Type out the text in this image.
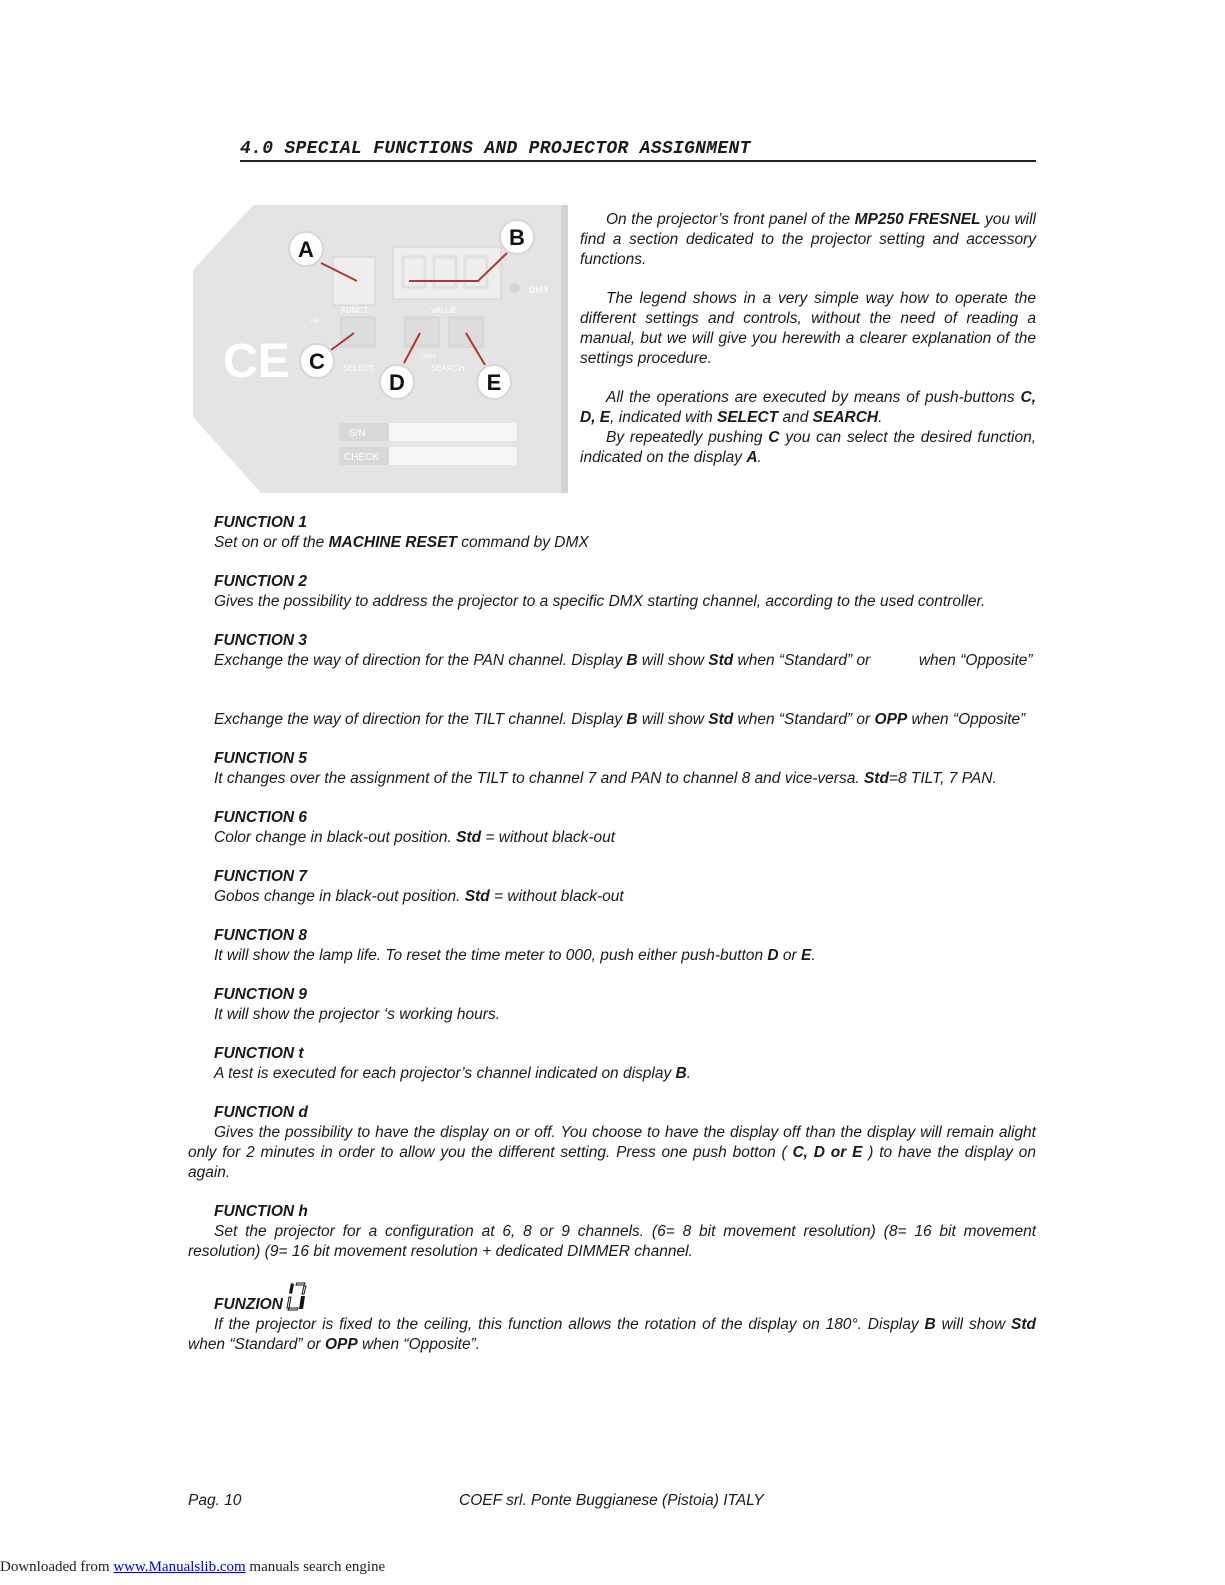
4.0 SPECIAL FUNCTIONS AND PROJECTOR ASSIGNMENT
DMX
FUNCT.	VALUE
UP
SELECT
DWN
SEARCH
CE
S/N
CHECK
A	B
C
D	E

On the projector’s front panel of the MP250 FRESNEL you will find a section dedicated to the projector setting and accessory functions.

The legend shows in a very simple way how to operate the different settings and controls, without the need of reading a manual, but we will give you herewith a clearer explanation of the settings procedure.

All the operations are executed by means of push-buttons C, D, E, indicated with SELECT and SEARCH.

By repeatedly pushing C you can select the desired function, indicated on the display A.

FUNCTION 1
Set on or off the MACHINE RESET command by DMX
FUNCTION 2
Gives the possibility to address the projector to a specific DMX starting channel, according to the used controller.
FUNCTION 3
Exchange the way of direction for the PAN channel. Display B will show Std when “Standard” or	when “Opposite”

Exchange the way of direction for the TILT channel. Display B will show Std when “Standard” or OPP when “Opposite”
FUNCTION 5
It changes over the assignment of the TILT to channel 7 and PAN to channel 8 and vice-versa. Std=8 TILT, 7 PAN.
FUNCTION 6
Color change in black-out position. Std = without black-out
FUNCTION 7
Gobos change in black-out position. Std = without black-out
FUNCTION 8
It will show the lamp life. To reset the time meter to 000, push either push-button D or E.
FUNCTION 9
It will show the projector ‘s working hours.
FUNCTION t
A test is executed for each projector’s channel indicated on display B.
FUNCTION d
Gives the possibility to have the display on or off. You choose to have the display off than the display will remain alight only for 2 minutes in order to allow you the different setting. Press one push botton ( C, D or E ) to have the display on again.
FUNCTION h
Set the projector for a configuration at 6, 8 or 9 channels. (6= 8 bit movement resolution) (8= 16 bit movement resolution) (9= 16 bit movement resolution + dedicated DIMMER channel.
FUNZION
If the projector is fixed to the ceiling, this function allows the rotation of the display on 180°. Display B will show Std when “Standard” or OPP when “Opposite”.
Pag. 10	COEF srl. Ponte Buggianese (Pistoia) ITALY
Downloaded from www.Manualslib.com manuals search engine
